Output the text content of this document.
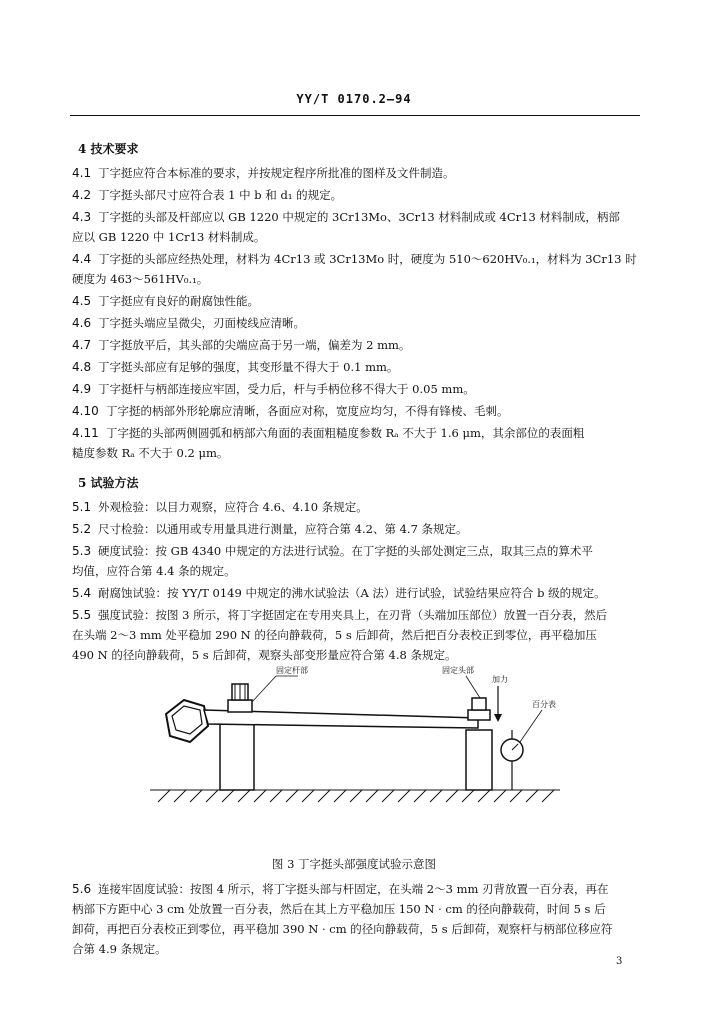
YY/T 0170.2—94
4 技术要求
4.1 丁字挺应符合本标准的要求，并按规定程序所批准的图样及文件制造。
4.2 丁字挺头部尺寸应符合表 1 中 b 和 d₁ 的规定。
4.3 丁字挺的头部及杆部应以 GB 1220 中规定的 3Cr13Mo、3Cr13 材料制成或 4Cr13 材料制成，柄部
应以 GB 1220 中 1Cr13 材料制成。
4.4 丁字挺的头部应经热处理，材料为 4Cr13 或 3Cr13Mo 时，硬度为 510～620HV₀.₁，材料为 3Cr13 时
硬度为 463～561HV₀.₁。
4.5 丁字挺应有良好的耐腐蚀性能。
4.6 丁字挺头端应呈微尖，刃面棱线应清晰。
4.7 丁字挺放平后，其头部的尖端应高于另一端，偏差为 2 mm。
4.8 丁字挺头部应有足够的强度，其变形量不得大于 0.1 mm。
4.9 丁字挺杆与柄部连接应牢固，受力后，杆与手柄位移不得大于 0.05 mm。
4.10 丁字挺的柄部外形轮廓应清晰，各面应对称，宽度应均匀，不得有锋棱、毛刺。
4.11 丁字挺的头部两侧圆弧和柄部六角面的表面粗糙度参数 Rₐ 不大于 1.6 μm，其余部位的表面粗
糙度参数 Rₐ 不大于 0.2 μm。
5 试验方法
5.1 外观检验：以目力观察，应符合 4.6、4.10 条规定。
5.2 尺寸检验：以通用或专用量具进行测量，应符合第 4.2、第 4.7 条规定。
5.3 硬度试验：按 GB 4340 中规定的方法进行试验。在丁字挺的头部处测定三点，取其三点的算术平
均值，应符合第 4.4 条的规定。
5.4 耐腐蚀试验：按 YY/T 0149 中规定的沸水试验法（A 法）进行试验，试验结果应符合 b 级的规定。
5.5 强度试验：按图 3 所示，将丁字挺固定在专用夹具上，在刃背（头端加压部位）放置一百分表，然后
在头端 2～3 mm 处平稳加 290 N 的径向静载荷，5 s 后卸荷，然后把百分表校正到零位，再平稳加压
490 N 的径向静载荷，5 s 后卸荷，观察头部变形量应符合第 4.8 条规定。
固定杆部	固定头部
加力
百分表
图 3 丁字挺头部强度试验示意图
5.6 连接牢固度试验：按图 4 所示，将丁字挺头部与杆固定，在头端 2～3 mm 刃背放置一百分表，再在
柄部下方距中心 3 cm 处放置一百分表，然后在其上方平稳加压 150 N · cm 的径向静载荷，时间 5 s 后
卸荷，再把百分表校正到零位，再平稳加 390 N · cm 的径向静载荷，5 s 后卸荷，观察杆与柄部位移应符
合第 4.9 条规定。
3
